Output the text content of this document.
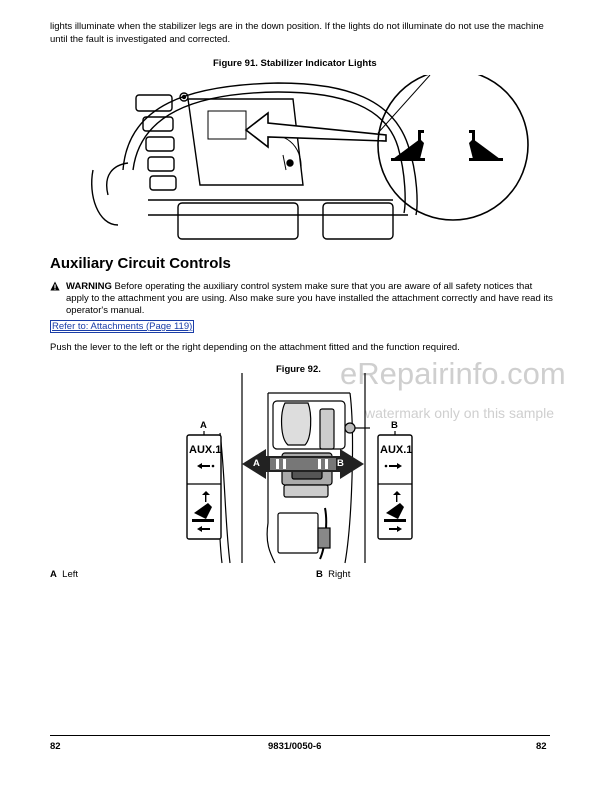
lights illuminate when the stabilizer legs are in the down position. If the lights do not illuminate do not use the machine until the fault is investigated and corrected.
Figure 91. Stabilizer Indicator Lights
Auxiliary Circuit Controls
WARNING Before operating the auxiliary control system make sure that you are aware of all safety notices that apply to the attachment you are using. Also make sure you have installed the attachment correctly and have read its operator's manual.
Refer to: Attachments (Page 119)
Push the lever to the left or the right depending on the attachment fitted and the function required.
eRepairinfo.com
watermark only on this sample
Figure 92.
A	B
AUX.1	AUX.1
A	B
A Left	B Right
82	9831/0050-6	82
